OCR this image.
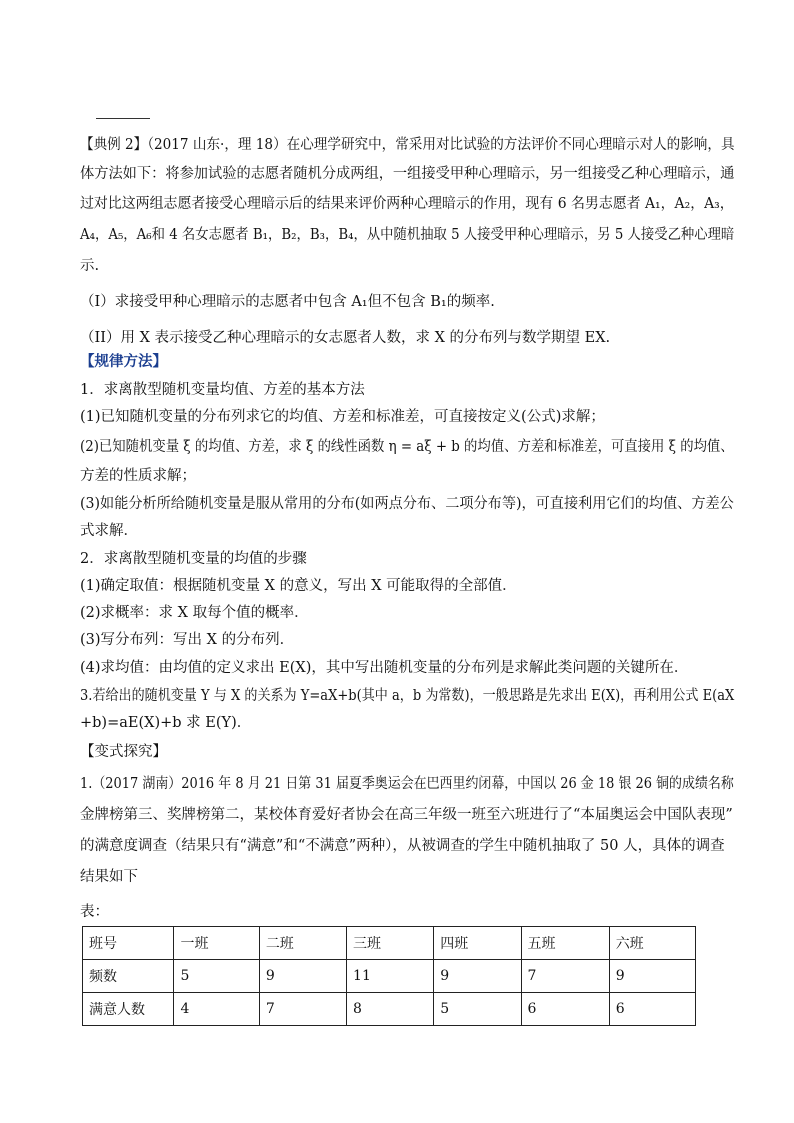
【典例 2】（2017 山东·，理 18）在心理学研究中，常采用对比试验的方法评价不同心理暗示对人的影响，具
体方法如下：将参加试验的志愿者随机分成两组，一组接受甲种心理暗示，另一组接受乙种心理暗示，通
过对比这两组志愿者接受心理暗示后的结果来评价两种心理暗示的作用，现有 6 名男志愿者 A₁，A₂，A₃，
A₄，A₅，A₆和 4 名女志愿者 B₁，B₂，B₃，B₄，从中随机抽取 5 人接受甲种心理暗示，另 5 人接受乙种心理暗
示.
（I）求接受甲种心理暗示的志愿者中包含 A₁但不包含 B₁的频率.
（II）用 X 表示接受乙种心理暗示的女志愿者人数，求 X 的分布列与数学期望 EX.
【规律方法】
1．求离散型随机变量均值、方差的基本方法
(1)已知随机变量的分布列求它的均值、方差和标准差，可直接按定义(公式)求解；
(2)已知随机变量 ξ 的均值、方差，求 ξ 的线性函数 η = aξ + b 的均值、方差和标准差，可直接用 ξ 的均值、
方差的性质求解；
(3)如能分析所给随机变量是服从常用的分布(如两点分布、二项分布等)，可直接利用它们的均值、方差公
式求解．
2．求离散型随机变量的均值的步骤
(1)确定取值：根据随机变量 X 的意义，写出 X 可能取得的全部值．
(2)求概率：求 X 取每个值的概率．
(3)写分布列：写出 X 的分布列．
(4)求均值：由均值的定义求出 E(X)，其中写出随机变量的分布列是求解此类问题的关键所在．
3.若给出的随机变量 Y 与 X 的关系为 Y=aX+b(其中 a，b 为常数)，一般思路是先求出 E(X)，再利用公式 E(aX
+b)=aE(X)+b 求 E(Y)．
【变式探究】
1.（2017 湖南）2016 年 8 月 21 日第 31 届夏季奥运会在巴西里约闭幕，中国以 26 金 18 银 26 铜的成绩名称
金牌榜第三、奖牌榜第二，某校体育爱好者协会在高三年级一班至六班进行了“本届奥运会中国队表现”
的满意度调查（结果只有“满意”和“不满意”两种），从被调查的学生中随机抽取了 50 人，具体的调查
结果如下
表：
班号	一班	二班	三班	四班	五班	六班
频数	5	9	11	9	7	9
满意人数	4	7	8	5	6	6
